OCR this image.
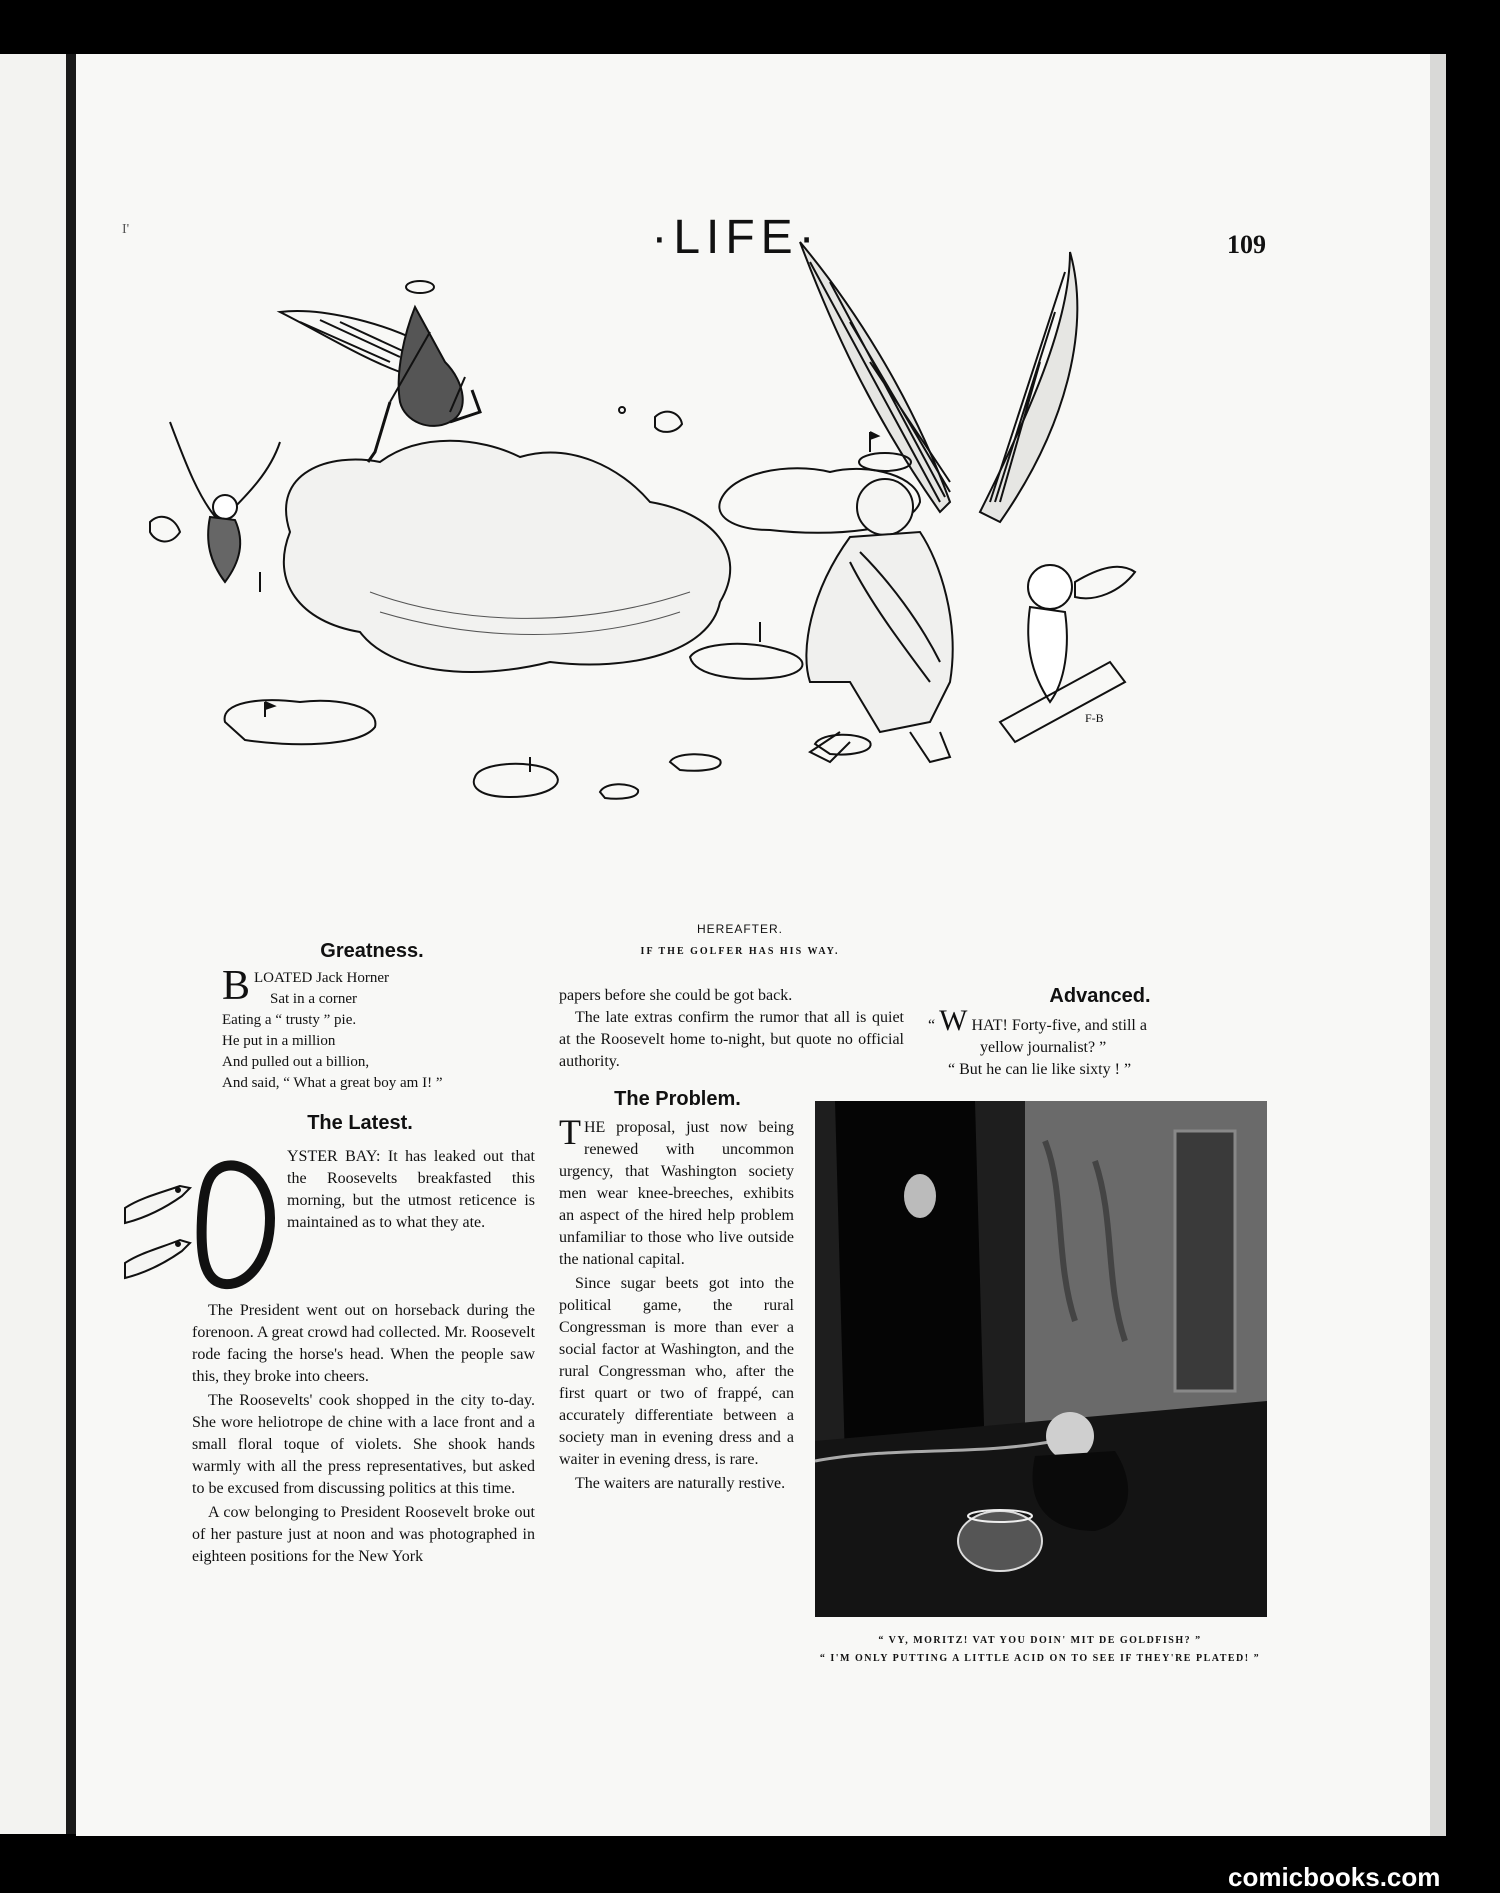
I'	·LIFE·	109
F-B
HEREAFTER.
IF THE GOLFER HAS HIS WAY.
Greatness.
B LOATED Jack Horner
Sat in a corner
Eating a “ trusty ” pie.
He put in a million
And pulled out a billion,
And said, “ What a great boy am I! ”
The Latest.
YSTER BAY: It has leaked out that the Roosevelts breakfasted this morning, but the utmost reticence is maintained as to what they ate.

The President went out on horseback during the forenoon. A great crowd had collected. Mr. Roosevelt rode facing the horse's head. When the people saw this, they broke into cheers.

The Roosevelts' cook shopped in the city to-day. She wore heliotrope de chine with a lace front and a small floral toque of violets. She shook hands warmly with all the press representatives, but asked to be excused from discussing politics at this time.

A cow belonging to President Roosevelt broke out of her pasture just at noon and was photographed in eighteen positions for the New York

papers before she could be got back.

The late extras confirm the rumor that all is quiet at the Roosevelt home to-night, but quote no official authority.

The Problem.

THE proposal, just now being renewed with uncommon urgency, that Washington society men wear knee-breeches, exhibits an aspect of the hired help problem unfamiliar to those who live outside the national capital.

Since sugar beets got into the political game, the rural Congressman is more than ever a social factor at Washington, and the rural Congressman who, after the first quart or two of frappé, can accurately differentiate between a society man in evening dress and a waiter in evening dress, is rare.

The waiters are naturally restive.

Advanced.
“ W HAT! Forty-five, and still a
yellow journalist? ”
“ But he can lie like sixty ! ”
“ VY, MORITZ! VAT YOU DOIN' MIT DE GOLDFISH? ”
“ I'M ONLY PUTTING A LITTLE ACID ON TO SEE IF THEY'RE PLATED! ”
comicbooks.com
